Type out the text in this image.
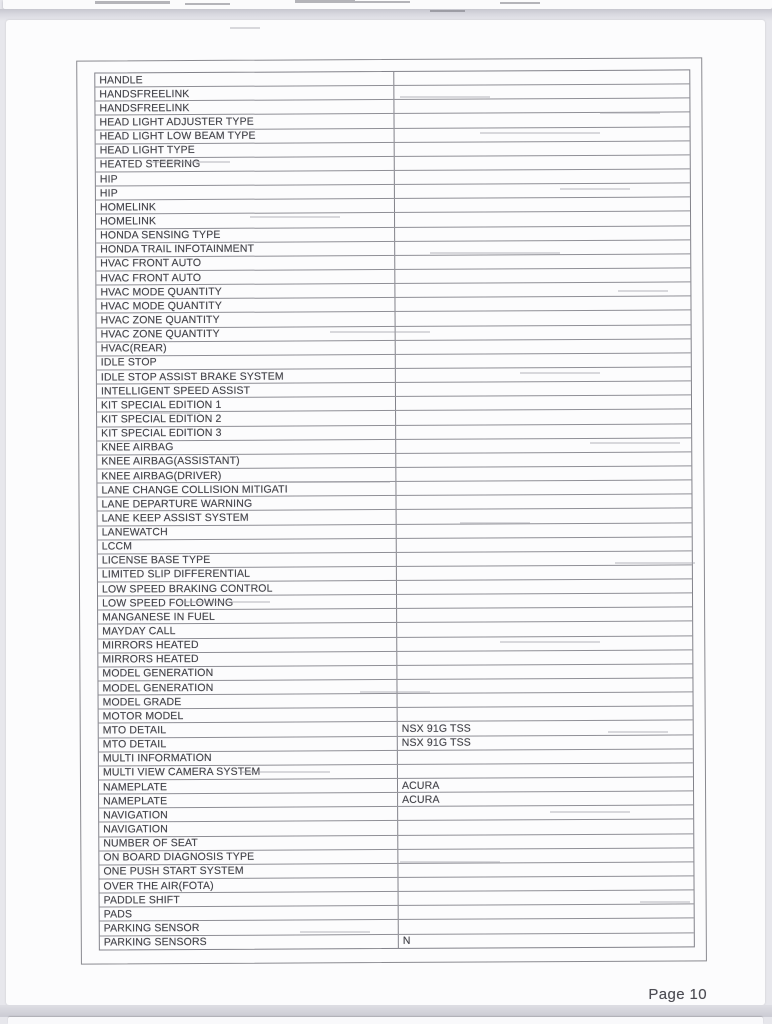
HANDLE
HANDSFREELINK
HANDSFREELINK
HEAD LIGHT ADJUSTER TYPE
HEAD LIGHT LOW BEAM TYPE
HEAD LIGHT TYPE
HEATED STEERING
HIP
HIP
HOMELINK
HOMELINK
HONDA SENSING TYPE
HONDA TRAIL INFOTAINMENT
HVAC FRONT AUTO
HVAC FRONT AUTO
HVAC MODE QUANTITY
HVAC MODE QUANTITY
HVAC ZONE QUANTITY
HVAC ZONE QUANTITY
HVAC(REAR)
IDLE STOP
IDLE STOP ASSIST BRAKE SYSTEM
INTELLIGENT SPEED ASSIST
KIT SPECIAL EDITION 1
KIT SPECIAL EDITION 2
KIT SPECIAL EDITION 3
KNEE AIRBAG
KNEE AIRBAG(ASSISTANT)
KNEE AIRBAG(DRIVER)
LANE CHANGE COLLISION MITIGATI
LANE DEPARTURE WARNING
LANE KEEP ASSIST SYSTEM
LANEWATCH
LCCM
LICENSE BASE TYPE
LIMITED SLIP DIFFERENTIAL
LOW SPEED BRAKING CONTROL
LOW SPEED FOLLOWING
MANGANESE IN FUEL
MAYDAY CALL
MIRRORS HEATED
MIRRORS HEATED
MODEL GENERATION
MODEL GENERATION
MODEL GRADE
MOTOR MODEL
MTO DETAIL	NSX 91G TSS
MTO DETAIL	NSX 91G TSS
MULTI INFORMATION
MULTI VIEW CAMERA SYSTEM
NAMEPLATE	ACURA
NAMEPLATE	ACURA
NAVIGATION
NAVIGATION
NUMBER OF SEAT
ON BOARD DIAGNOSIS TYPE
ONE PUSH START SYSTEM
OVER THE AIR(FOTA)
PADDLE SHIFT
PADS
PARKING SENSOR
PARKING SENSORS	N
Page 10
